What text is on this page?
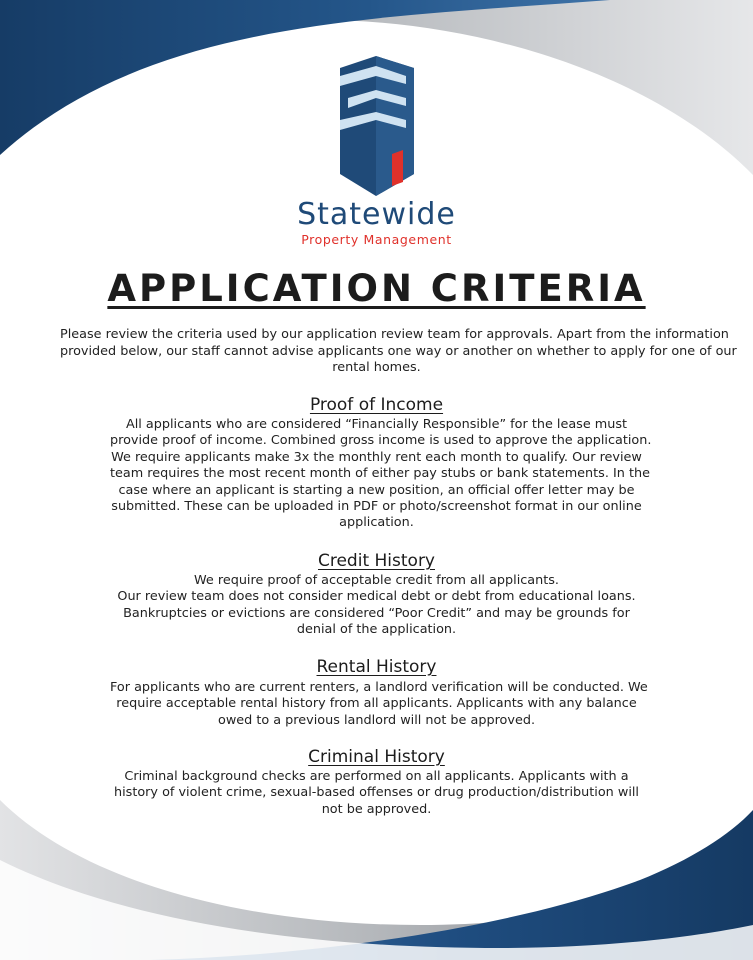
Statewide
Property Management
APPLICATION CRITERIA
Please review the criteria used by our application review team for approvals. Apart from the information
provided below, our staff cannot advise applicants one way or another on whether to apply for one of our
rental homes.
Proof of Income
All applicants who are considered “Financially Responsible” for the lease must
provide proof of income. Combined gross income is used to approve the application.
We require applicants make 3x the monthly rent each month to qualify. Our review
team requires the most recent month of either pay stubs or bank statements. In the
case where an applicant is starting a new position, an official offer letter may be
submitted. These can be uploaded in PDF or photo/screenshot format in our online
application.
Credit History
We require proof of acceptable credit from all applicants.
Our review team does not consider medical debt or debt from educational loans.
Bankruptcies or evictions are considered “Poor Credit” and may be grounds for
denial of the application.
Rental History
For applicants who are current renters, a landlord verification will be conducted. We
require acceptable rental history from all applicants. Applicants with any balance
owed to a previous landlord will not be approved.
Criminal History
Criminal background checks are performed on all applicants. Applicants with a
history of violent crime, sexual-based offenses or drug production/distribution will
not be approved.
